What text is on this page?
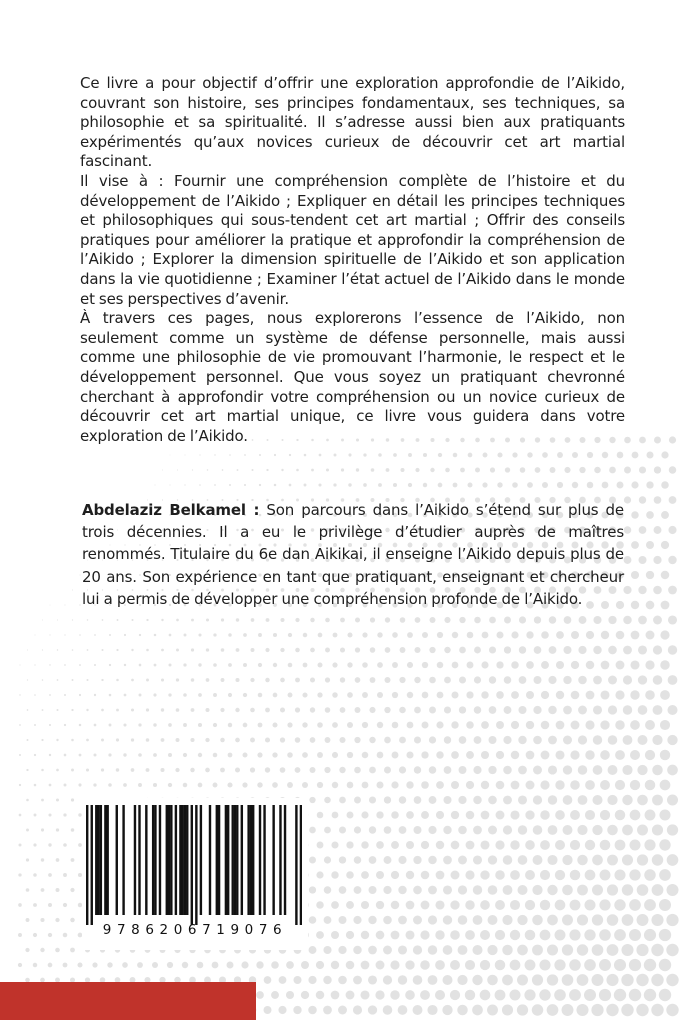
Ce livre a pour objectif d’offrir une exploration approfondie de l’Aikido, couvrant son histoire, ses principes fondamentaux, ses techniques, sa philosophie et sa spiritualité. Il s’adresse aussi bien aux pratiquants expérimentés qu’aux novices curieux de découvrir cet art martial fascinant.

Il vise à : Fournir une compréhension complète de l’histoire et du développement de l’Aikido ; Expliquer en détail les principes techniques et philosophiques qui sous-tendent cet art martial ; Offrir des conseils pratiques pour améliorer la pratique et approfondir la compréhension de l’Aikido ; Explorer la dimension spirituelle de l’Aikido et son application dans la vie quotidienne ; Examiner l’état actuel de l’Aikido dans le monde et ses perspectives d’avenir.

À travers ces pages, nous explorerons l’essence de l’Aikido, non seulement comme un système de défense personnelle, mais aussi comme une philosophie de vie promouvant l’harmonie, le respect et le développement personnel. Que vous soyez un pratiquant chevronné cherchant à approfondir votre compréhension ou un novice curieux de découvrir cet art martial unique, ce livre vous guidera dans votre exploration de l’Aikido.

Abdelaziz Belkamel : Son parcours dans l’Aikido s’étend sur plus de trois décennies. Il a eu le privilège d’étudier auprès de maîtres renommés. Titulaire du 6e dan Aikikai, il enseigne l’Aikido depuis plus de 20 ans. Son expérience en tant que pratiquant, enseignant et chercheur lui a permis de développer une compréhension profonde de l’Aikido.
9786206719076
